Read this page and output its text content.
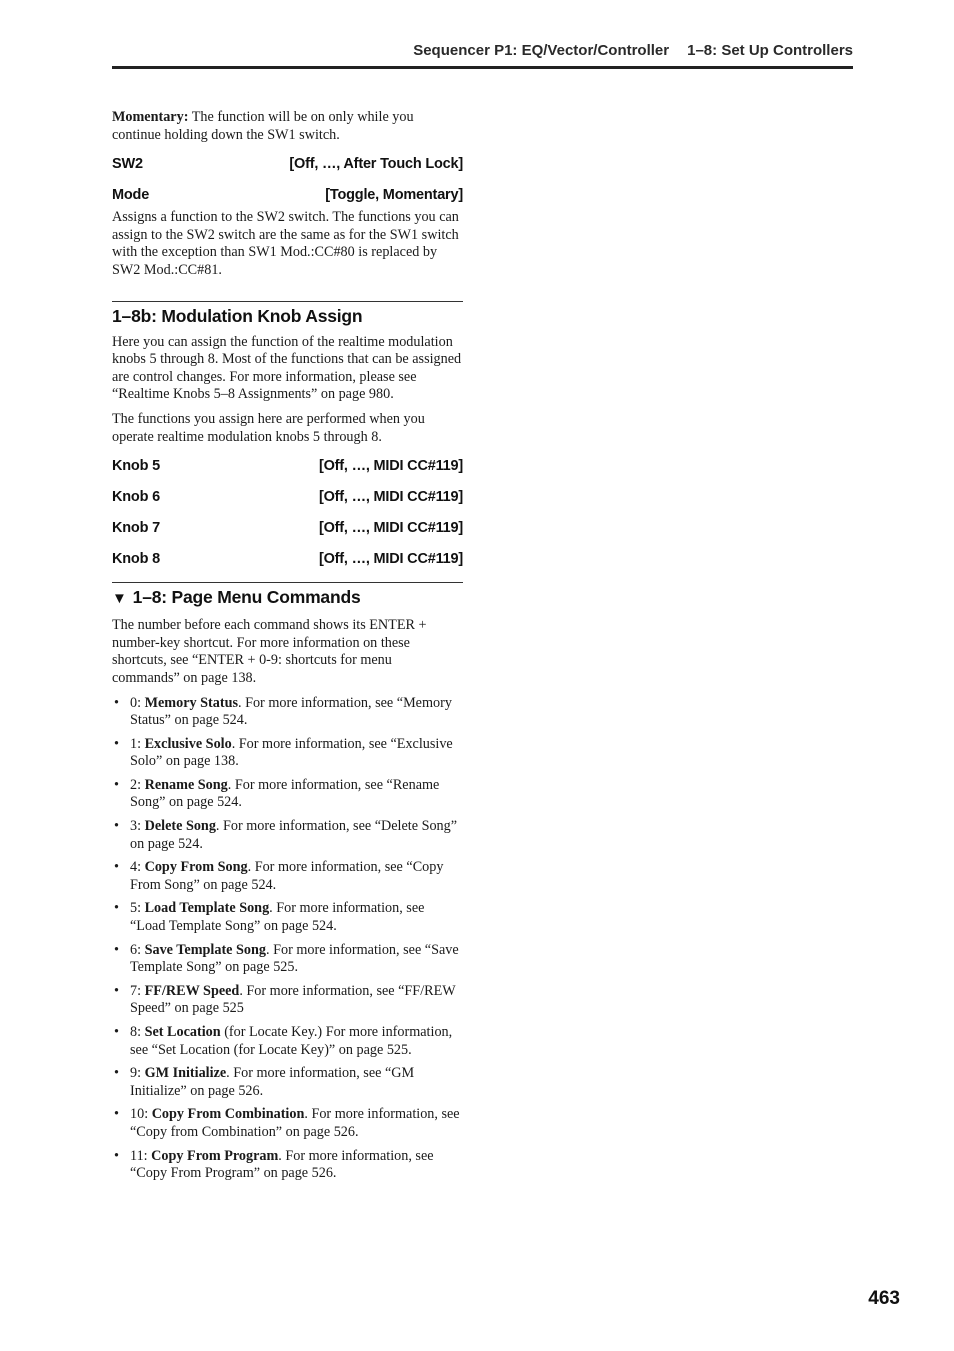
Sequencer P1: EQ/Vector/Controller 1–8: Set Up Controllers

Momentary: The function will be on only while you continue holding down the SW1 switch.

SW2	[Off, …, After Touch Lock]
Mode	[Toggle, Momentary]

Assigns a function to the SW2 switch. The functions you can assign to the SW2 switch are the same as for the SW1 switch with the exception than SW1 Mod.:CC#80 is replaced by SW2 Mod.:CC#81.

1–8b: Modulation Knob Assign

Here you can assign the function of the realtime modulation knobs 5 through 8. Most of the functions that can be assigned are control changes. For more information, please see “Realtime Knobs 5–8 Assignments” on page 980.

The functions you assign here are performed when you operate realtime modulation knobs 5 through 8.

Knob 5	[Off, …, MIDI CC#119]
Knob 6	[Off, …, MIDI CC#119]
Knob 7	[Off, …, MIDI CC#119]
Knob 8	[Off, …, MIDI CC#119]
▼ 1–8: Page Menu Commands

The number before each command shows its ENTER + number-key shortcut. For more information on these shortcuts, see “ENTER + 0-9: shortcuts for menu commands” on page 138.

• 0: Memory Status. For more information, see “Memory Status” on page 524.
• 1: Exclusive Solo. For more information, see “Exclusive Solo” on page 138.
• 2: Rename Song. For more information, see “Rename Song” on page 524.
• 3: Delete Song. For more information, see “Delete Song” on page 524.
• 4: Copy From Song. For more information, see “Copy From Song” on page 524.
• 5: Load Template Song. For more information, see “Load Template Song” on page 524.
• 6: Save Template Song. For more information, see “Save Template Song” on page 525.
• 7: FF/REW Speed. For more information, see “FF/REW Speed” on page 525
• 8: Set Location (for Locate Key.) For more information, see “Set Location (for Locate Key)” on page 525.
• 9: GM Initialize. For more information, see “GM Initialize” on page 526.
• 10: Copy From Combination. For more information, see “Copy from Combination” on page 526.
• 11: Copy From Program. For more information, see “Copy From Program” on page 526.
463
